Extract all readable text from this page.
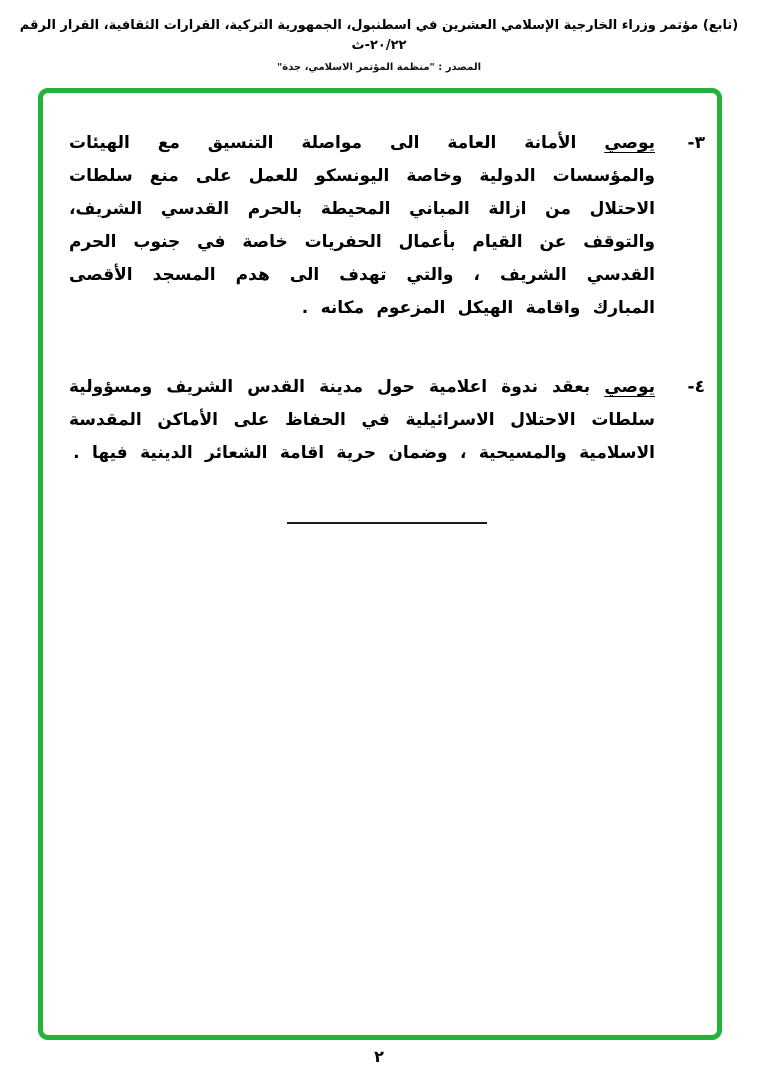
(تابع) مؤتمر وزراء الخارجية الإسلامي العشرين في اسطنبول، الجمهورية التركية، القرارات الثقافية، القرار الرقم ٢٠/٢٢-ث
المصدر : "منظمة المؤتمر الاسلامي، جدة"
٣-
يوصي الأمانة العامة الى مواصلة التنسيق مع الهيئات والمؤسسات الدولية وخاصة اليونسكو للعمل على منع سلطات الاحتلال من ازالة المباني المحيطة بالحرم القدسي الشريف، والتوقف عن القيام بأعمال الحفريات خاصة في جنوب الحرم القدسي الشريف ، والتي تهدف الى هدم المسجد الأقصى المبارك واقامة الهيكل المزعوم مكانه .
٤-
يوصي بعقد ندوة اعلامية حول مدينة القدس الشريف ومسؤولية سلطات الاحتلال الاسرائيلية في الحفاظ على الأماكن المقدسة الاسلامية والمسيحية ، وضمان حرية اقامة الشعائر الدينية فيها .
٢
